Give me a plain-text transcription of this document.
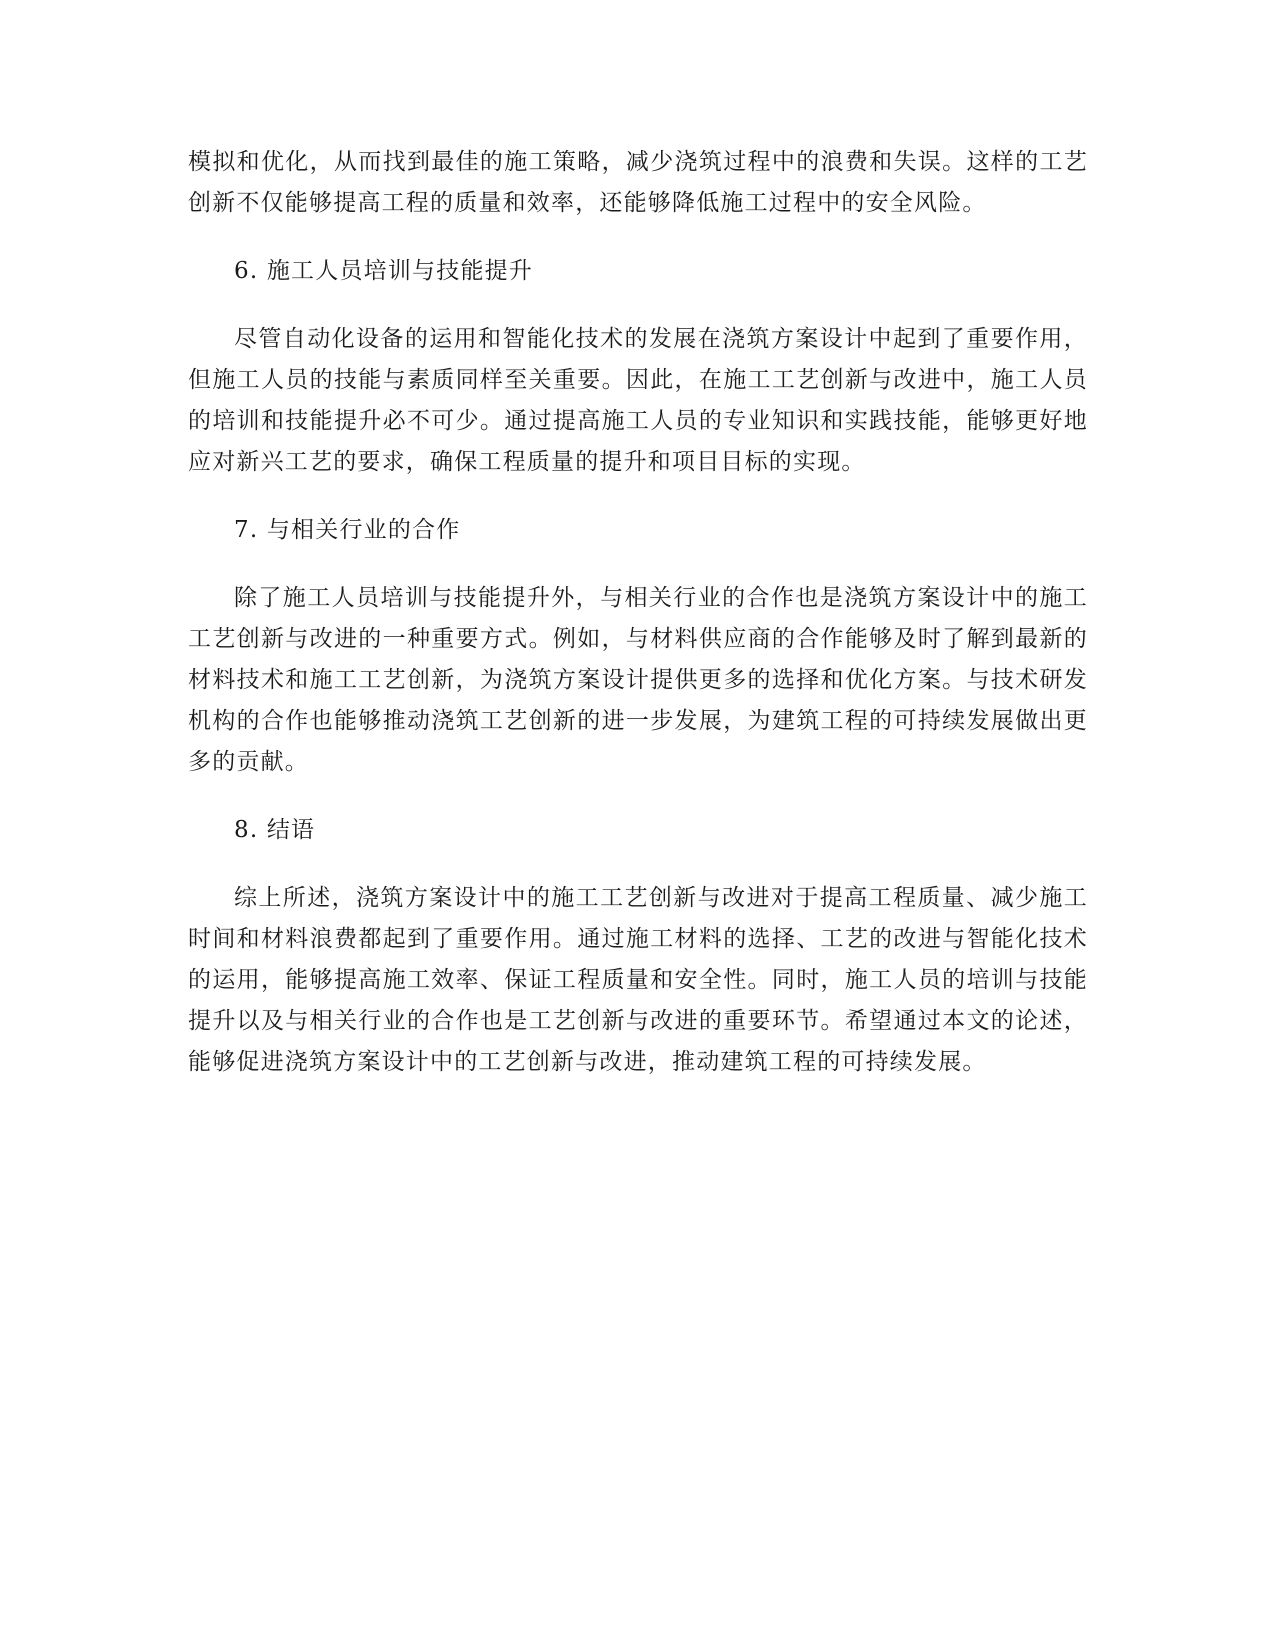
模拟和优化，从而找到最佳的施工策略，减少浇筑过程中的浪费和失误。这样的工艺创新不仅能够提高工程的质量和效率，还能够降低施工过程中的安全风险。

6. 施工人员培训与技能提升

尽管自动化设备的运用和智能化技术的发展在浇筑方案设计中起到了重要作用，但施工人员的技能与素质同样至关重要。因此，在施工工艺创新与改进中，施工人员的培训和技能提升必不可少。通过提高施工人员的专业知识和实践技能，能够更好地应对新兴工艺的要求，确保工程质量的提升和项目目标的实现。

7. 与相关行业的合作

除了施工人员培训与技能提升外，与相关行业的合作也是浇筑方案设计中的施工工艺创新与改进的一种重要方式。例如，与材料供应商的合作能够及时了解到最新的材料技术和施工工艺创新，为浇筑方案设计提供更多的选择和优化方案。与技术研发机构的合作也能够推动浇筑工艺创新的进一步发展，为建筑工程的可持续发展做出更多的贡献。

8. 结语

综上所述，浇筑方案设计中的施工工艺创新与改进对于提高工程质量、减少施工时间和材料浪费都起到了重要作用。通过施工材料的选择、工艺的改进与智能化技术的运用，能够提高施工效率、保证工程质量和安全性。同时，施工人员的培训与技能提升以及与相关行业的合作也是工艺创新与改进的重要环节。希望通过本文的论述，能够促进浇筑方案设计中的工艺创新与改进，推动建筑工程的可持续发展。
